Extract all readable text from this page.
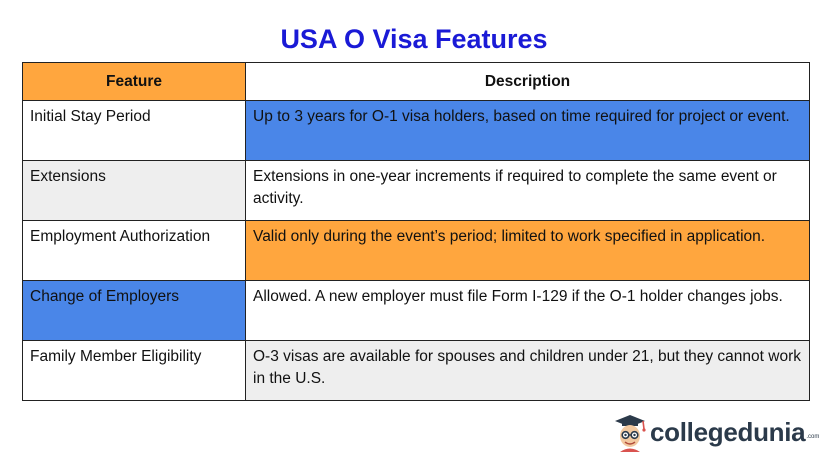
USA O Visa Features
Feature	Description
Initial Stay Period	Up to 3 years for O-1 visa holders, based on time required for project or event.
Extensions	Extensions in one-year increments if required to complete the same event or activity.
Employment Authorization	Valid only during the event’s period; limited to work specified in application.
Change of Employers	Allowed. A new employer must file Form I-129 if the O-1 holder changes jobs.
Family Member Eligibility	O-3 visas are available for spouses and children under 21, but they cannot work in the U.S.
collegedunia .com
